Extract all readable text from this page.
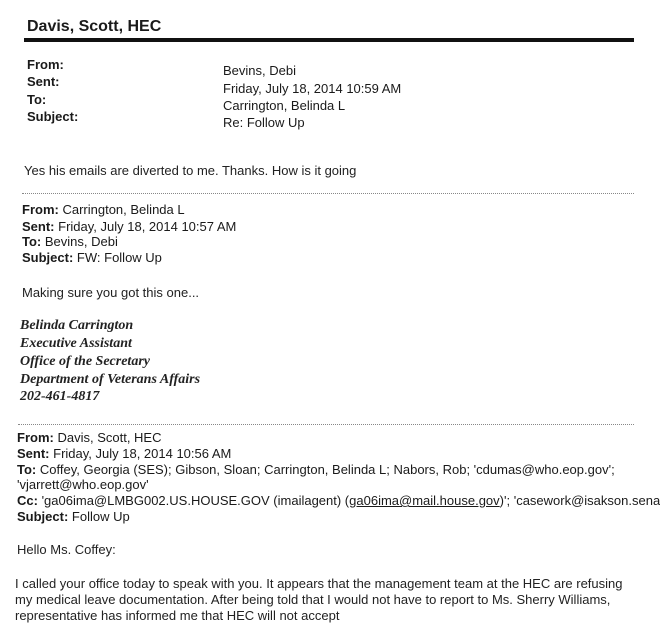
Davis, Scott, HEC
From:	Bevins, Debi
Sent:	Friday, July 18, 2014 10:59 AM
To:	Carrington, Belinda L
Subject:	Re: Follow Up
Yes his emails are diverted to me. Thanks. How is it going
From: Carrington, Belinda L
Sent: Friday, July 18, 2014 10:57 AM
To: Bevins, Debi
Subject: FW: Follow Up
Making sure you got this one...
Belinda Carrington
Executive Assistant
Office of the Secretary
Department of Veterans Affairs
202-461-4817
From: Davis, Scott, HEC
Sent: Friday, July 18, 2014 10:56 AM
To: Coffey, Georgia (SES); Gibson, Sloan; Carrington, Belinda L; Nabors, Rob; 'cdumas@who.eop.gov';
'vjarrett@who.eop.gov'
Cc: 'ga06ima@LMBG002.US.HOUSE.GOV (imailagent) (ga06ima@mail.house.gov)'; 'casework@isakson.sena
Subject: Follow Up
Hello Ms. Coffey:
I called your office today to speak with you. It appears that the management team at the HEC are refusing
my medical leave documentation. After being told that I would not have to report to Ms. Sherry Williams,
representative has informed me that HEC will not accept
